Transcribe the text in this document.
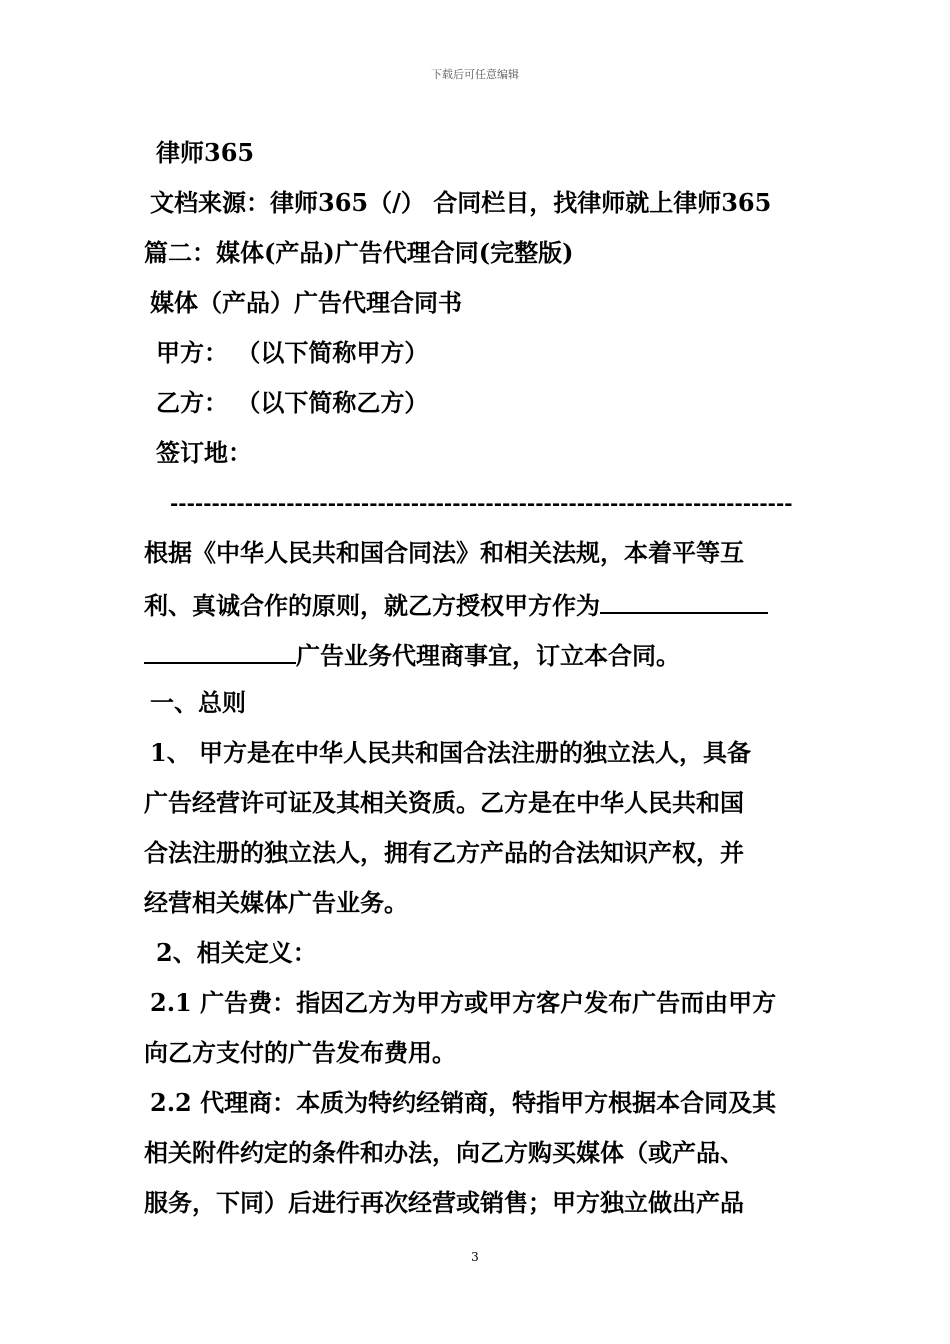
下载后可任意编辑
律师365
文档来源：律师365（/） 合同栏目，找律师就上律师365
篇二：媒体(产品)广告代理合同(完整版)
媒体（产品）广告代理合同书
甲方： （以下简称甲方）
乙方： （以下简称乙方）
签订地：
---------------------------------------------------------------------------
根据《中华人民共和国合同法》和相关法规，本着平等互
利、真诚合作的原则，就乙方授权甲方作为
广告业务代理商事宜，订立本合同。
一、总则
1、 甲方是在中华人民共和国合法注册的独立法人，具备
广告经营许可证及其相关资质。乙方是在中华人民共和国
合法注册的独立法人，拥有乙方产品的合法知识产权，并
经营相关媒体广告业务。
2、相关定义：
2.1 广告费：指因乙方为甲方或甲方客户发布广告而由甲方
向乙方支付的广告发布费用。
2.2 代理商：本质为特约经销商，特指甲方根据本合同及其
相关附件约定的条件和办法，向乙方购买媒体（或产品、
服务，下同）后进行再次经营或销售；甲方独立做出产品
3
